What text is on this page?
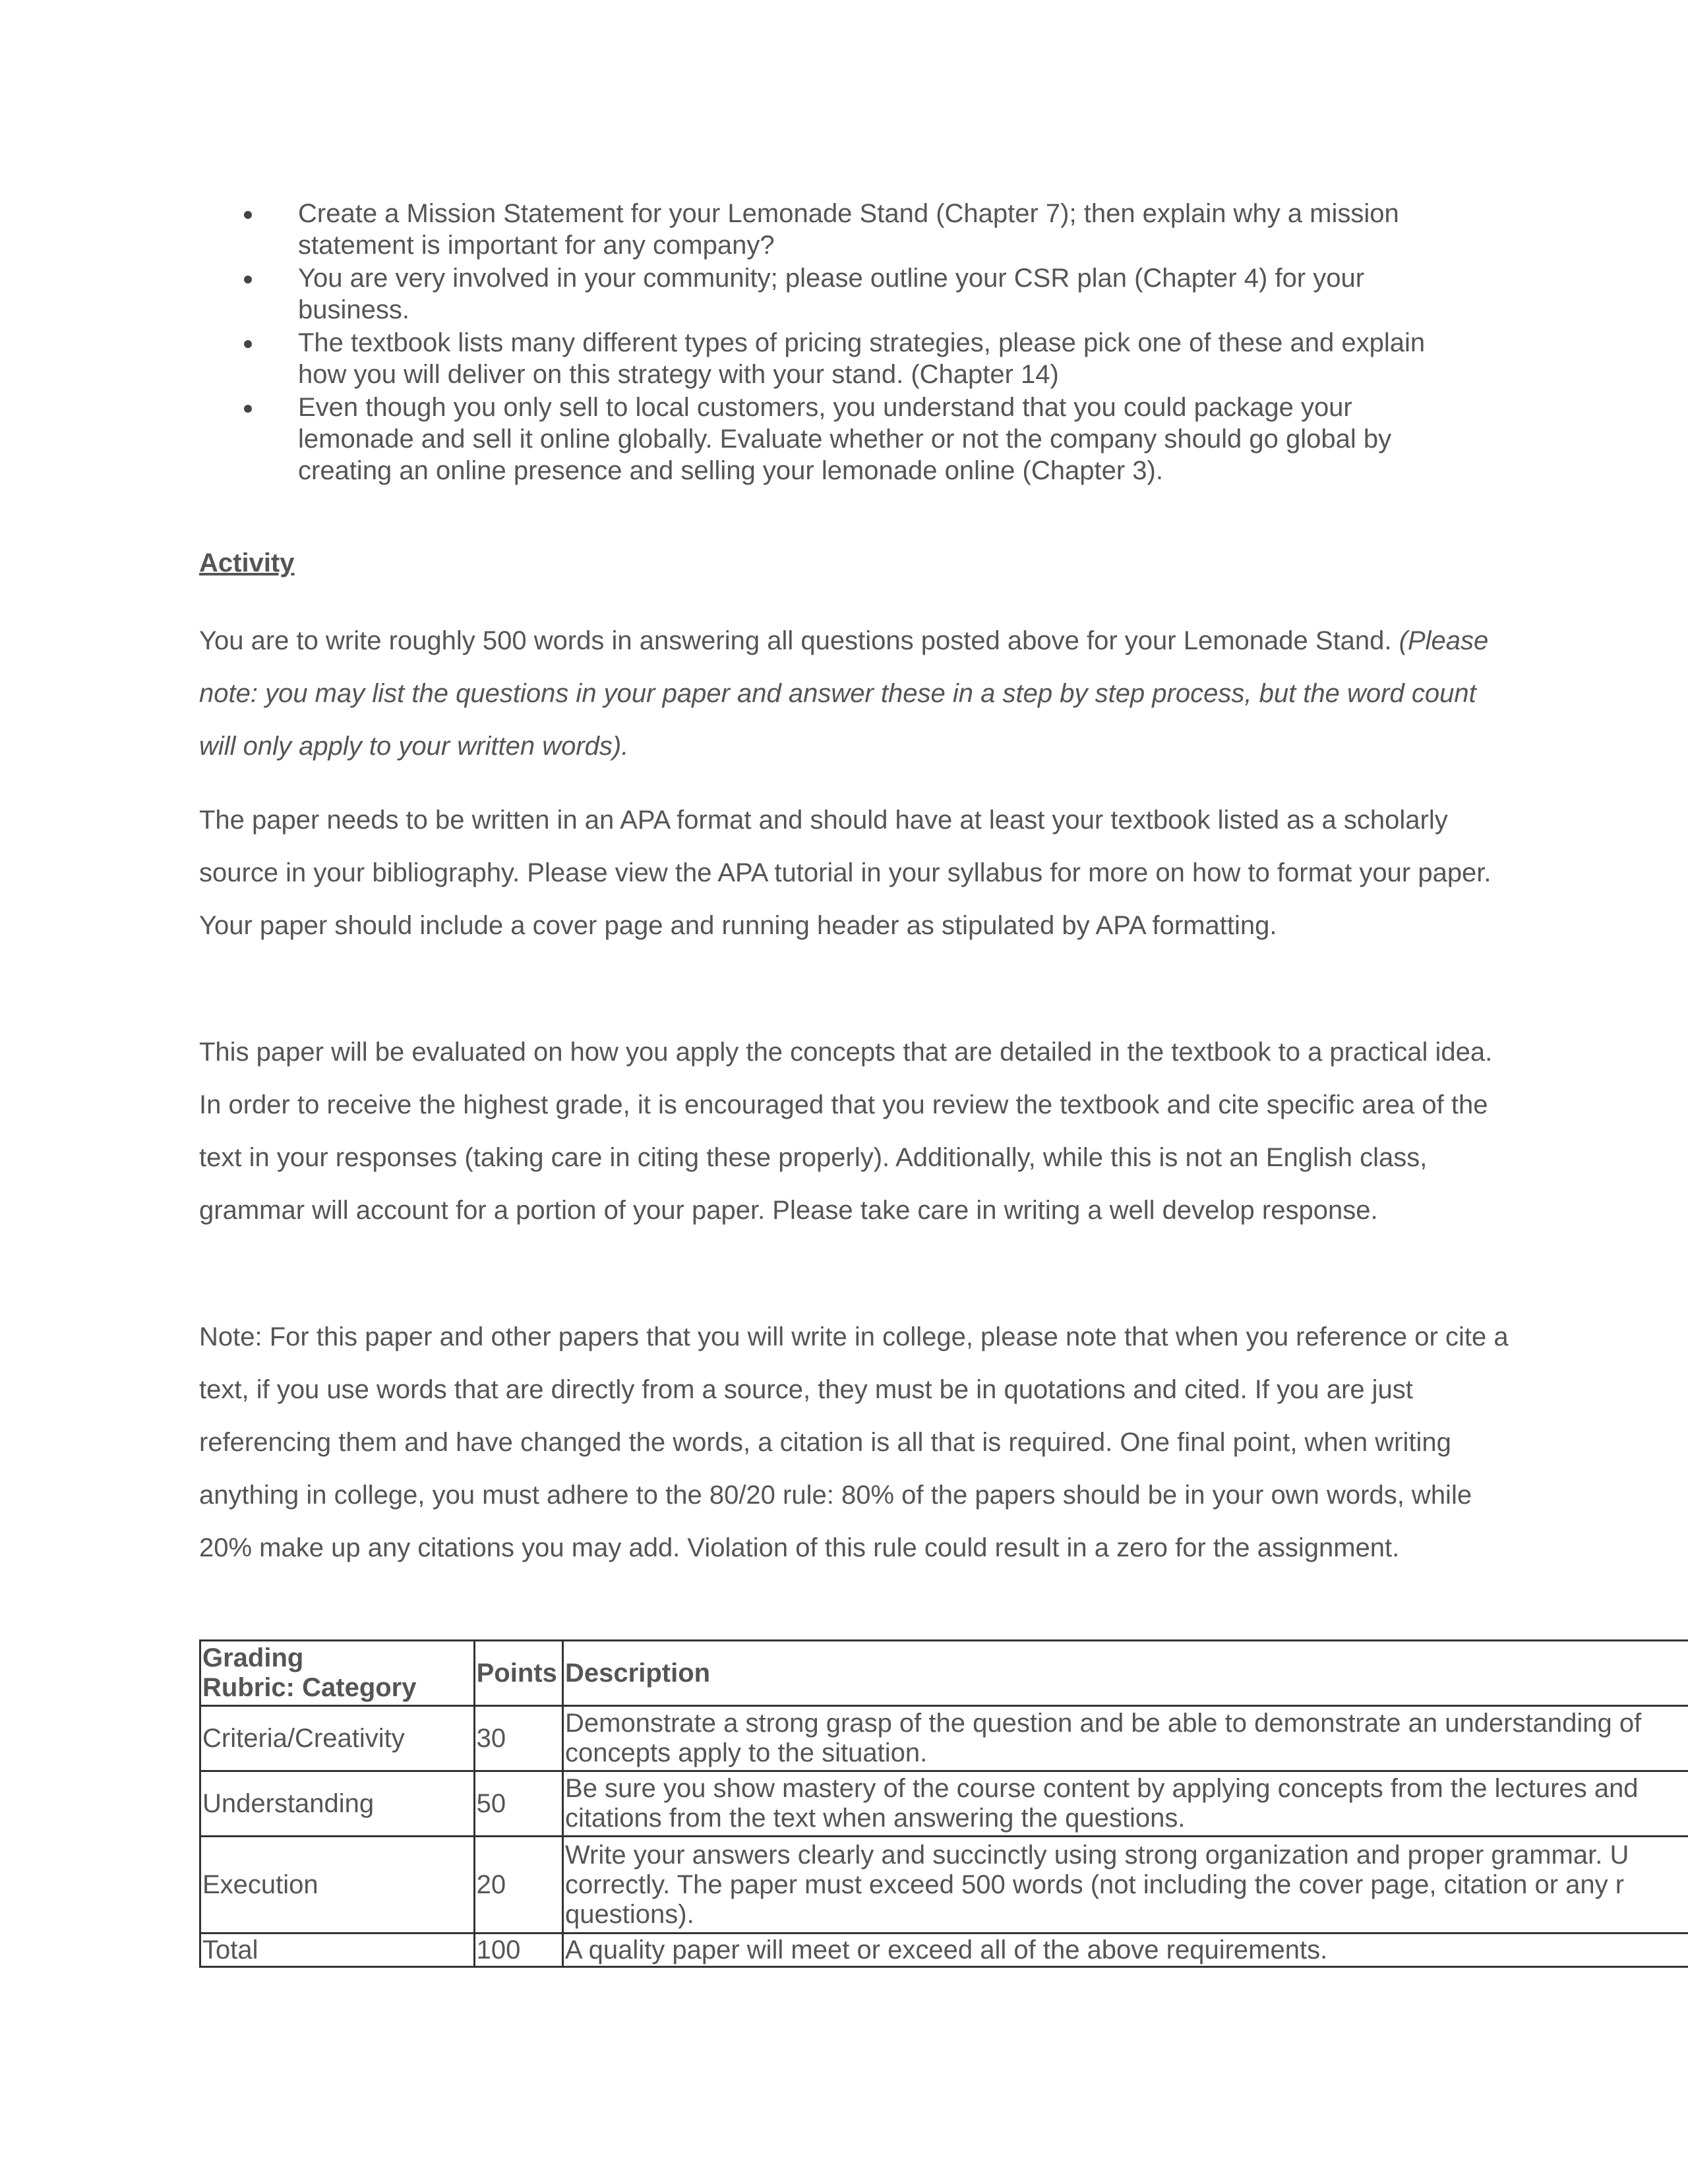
Create a Mission Statement for your Lemonade Stand (Chapter 7); then explain why a mission
statement is important for any company?
You are very involved in your community; please outline your CSR plan (Chapter 4) for your
business.
The textbook lists many different types of pricing strategies, please pick one of these and explain
how you will deliver on this strategy with your stand. (Chapter 14)
Even though you only sell to local customers, you understand that you could package your
lemonade and sell it online globally. Evaluate whether or not the company should go global by
creating an online presence and selling your lemonade online (Chapter 3).
Activity

You are to write roughly 500 words in answering all questions posted above for your Lemonade Stand. (Please note: you may list the questions in your paper and answer these in a step by step process, but the word count will only apply to your written words).

The paper needs to be written in an APA format and should have at least your textbook listed as a scholarly source in your bibliography. Please view the APA tutorial in your syllabus for more on how to format your paper. Your paper should include a cover page and running header as stipulated by APA formatting.

This paper will be evaluated on how you apply the concepts that are detailed in the textbook to a practical idea. In order to receive the highest grade, it is encouraged that you review the textbook and cite specific area of the text in your responses (taking care in citing these properly). Additionally, while this is not an English class, grammar will account for a portion of your paper. Please take care in writing a well develop response.

Note: For this paper and other papers that you will write in college, please note that when you reference or cite a text, if you use words that are directly from a source, they must be in quotations and cited. If you are just referencing them and have changed the words, a citation is all that is required. One final point, when writing anything in college, you must adhere to the 80/20 rule: 80% of the papers should be in your own words, while 20% make up any citations you may add. Violation of this rule could result in a zero for the assignment.

Grading
Rubric: Category	Points	Description
Criteria/Creativity	30	Demonstrate a strong grasp of the question and be able to demonstrate an understanding of
concepts apply to the situation.

Understanding	50	Be sure you show mastery of the course content by applying concepts from the lectures and
citations from the text when answering the questions.

Execution	20	Write your answers clearly and succinctly using strong organization and proper grammar. U
correctly. The paper must exceed 500 words (not including the cover page, citation or any r
questions).

Total	100	A quality paper will meet or exceed all of the above requirements.
